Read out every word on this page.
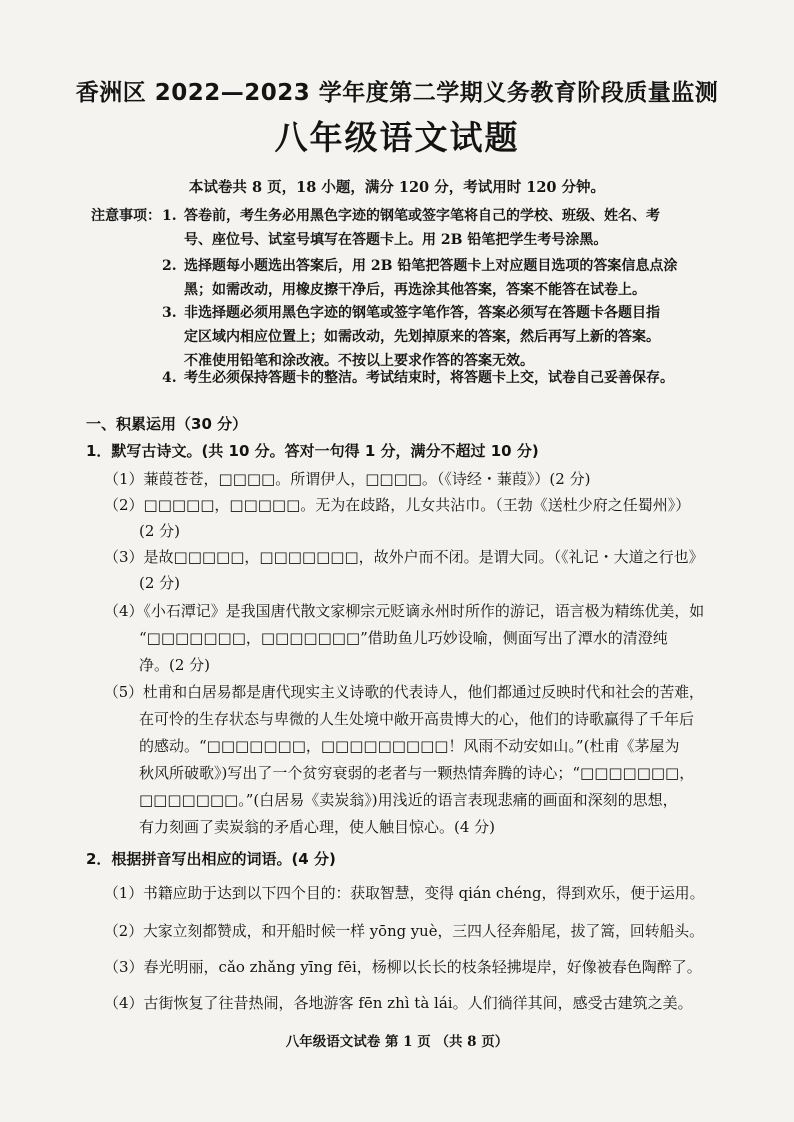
香洲区 2022—2023 学年度第二学期义务教育阶段质量监测
八年级语文试题
本试卷共 8 页，18 小题，满分 120 分，考试用时 120 分钟。
注意事项： 1. 答卷前，考生务必用黑色字迹的钢笔或签字笔将自己的学校、班级、姓名、考
号、座位号、试室号填写在答题卡上。用 2B 铅笔把学生考号涂黑。
2. 选择题每小题选出答案后，用 2B 铅笔把答题卡上对应题目选项的答案信息点涂
黑；如需改动，用橡皮擦干净后，再选涂其他答案，答案不能答在试卷上。
3. 非选择题必须用黑色字迹的钢笔或签字笔作答，答案必须写在答题卡各题目指
定区域内相应位置上；如需改动，先划掉原来的答案，然后再写上新的答案。
不准使用铅笔和涂改液。不按以上要求作答的答案无效。
4. 考生必须保持答题卡的整洁。考试结束时，将答题卡上交，试卷自己妥善保存。
一、积累运用（30 分）
1．默写古诗文。(共 10 分。答对一句得 1 分，满分不超过 10 分)
（1）蒹葭苍苍，□□□□。所谓伊人，□□□□。（《诗经・蒹葭》）(2 分)
（2）□□□□□，□□□□□。无为在歧路，儿女共沾巾。（王勃《送杜少府之任蜀州》）
(2 分)
（3）是故□□□□□，□□□□□□□，故外户而不闭。是谓大同。（《礼记・大道之行也》
(2 分)
（4）《小石潭记》是我国唐代散文家柳宗元贬谪永州时所作的游记，语言极为精练优美，如
“□□□□□□□，□□□□□□□”借助鱼儿巧妙设喻，侧面写出了潭水的清澄纯
净。(2 分)
（5）杜甫和白居易都是唐代现实主义诗歌的代表诗人，他们都通过反映时代和社会的苦难，
在可怜的生存状态与卑微的人生处境中敞开高贵博大的心，他们的诗歌赢得了千年后
的感动。“□□□□□□□，□□□□□□□□□！风雨不动安如山。”(杜甫《茅屋为
秋风所破歌》)写出了一个贫穷衰弱的老者与一颗热情奔腾的诗心；“□□□□□□□，
□□□□□□□。”(白居易《卖炭翁》)用浅近的语言表现悲痛的画面和深刻的思想，
有力刻画了卖炭翁的矛盾心理，使人触目惊心。(4 分)
2．根据拼音写出相应的词语。(4 分)
（1）书籍应助于达到以下四个目的：获取智慧，变得 qián chéng，得到欢乐，便于运用。
（2）大家立刻都赞成，和开船时候一样 yōng yuè，三四人径奔船尾，拔了篙，回转船头。
（3）春光明丽，cǎo zhǎng yīng fēi，杨柳以长长的枝条轻拂堤岸，好像被春色陶醉了。
（4）古街恢复了往昔热闹，各地游客 fēn zhì tà lái。人们徜徉其间，感受古建筑之美。
八年级语文试卷 第 1 页 （共 8 页）
